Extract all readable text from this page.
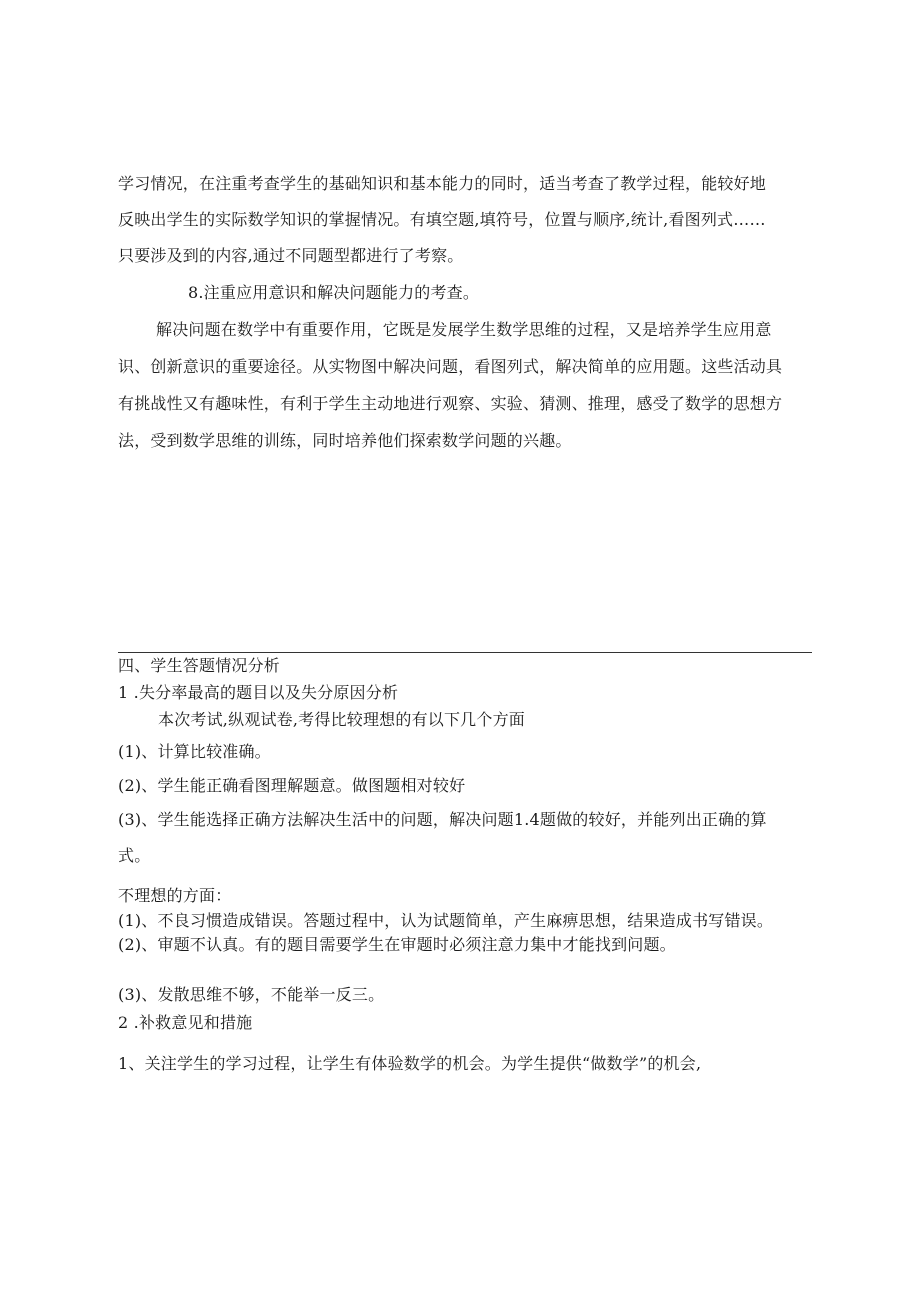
学习情况，在注重考查学生的基础知识和基本能力的同时，适当考查了教学过程，能较好地
反映出学生的实际数学知识的掌握情况。有填空题,填符号，位置与顺序,统计,看图列式……
只要涉及到的内容,通过不同题型都进行了考察。
8.注重应用意识和解决问题能力的考查。
解决问题在数学中有重要作用，它既是发展学生数学思维的过程，又是培养学生应用意
识、创新意识的重要途径。从实物图中解决问题，看图列式，解决简单的应用题。这些活动具
有挑战性又有趣味性，有利于学生主动地进行观察、实验、猜测、推理，感受了数学的思想方
法，受到数学思维的训练，同时培养他们探索数学问题的兴趣。
四、学生答题情况分析
1 .失分率最高的题目以及失分原因分析
本次考试,纵观试卷,考得比较理想的有以下几个方面
(1)、计算比较准确。
(2)、学生能正确看图理解题意。做图题相对较好
(3)、学生能选择正确方法解决生活中的问题，解决问题1.4题做的较好，并能列出正确的算
式。
不理想的方面：
(1)、不良习惯造成错误。答题过程中，认为试题简单，产生麻痹思想，结果造成书写错误。
(2)、审题不认真。有的题目需要学生在审题时必须注意力集中才能找到问题。
(3)、发散思维不够，不能举一反三。
2 .补救意见和措施
1、关注学生的学习过程，让学生有体验数学的机会。为学生提供“做数学”的机会,
